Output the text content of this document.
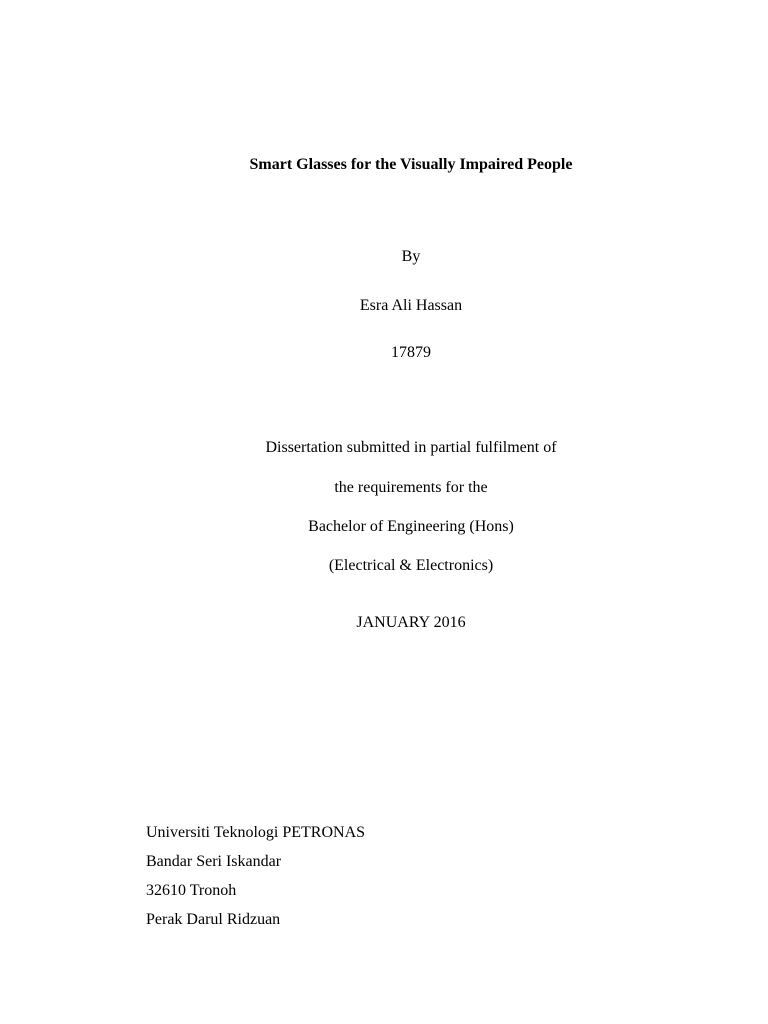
Smart Glasses for the Visually Impaired People
By
Esra Ali Hassan
17879
Dissertation submitted in partial fulfilment of
the requirements for the
Bachelor of Engineering (Hons)
(Electrical & Electronics)
JANUARY 2016
Universiti Teknologi PETRONAS
Bandar Seri Iskandar
32610 Tronoh
Perak Darul Ridzuan
